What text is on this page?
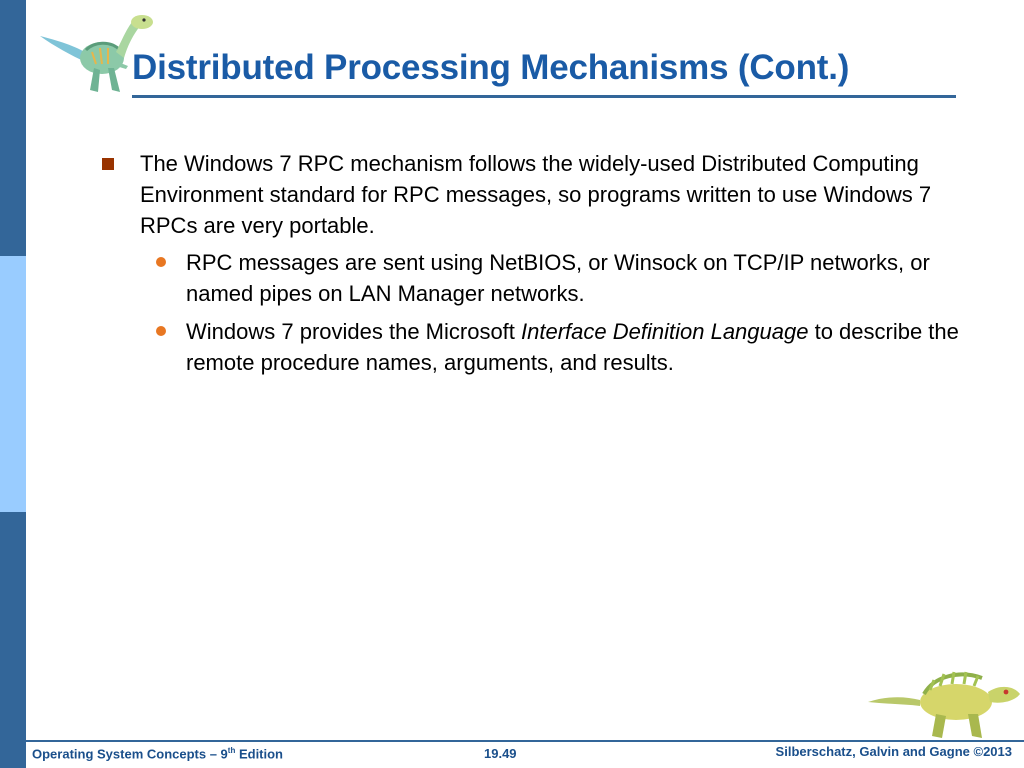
Distributed Processing Mechanisms (Cont.)
The Windows 7 RPC mechanism follows the widely-used Distributed Computing Environment standard for RPC messages, so programs written to use Windows 7 RPCs are very portable.
RPC messages are sent using NetBIOS, or Winsock on TCP/IP networks, or named pipes on LAN Manager networks.
Windows 7 provides the Microsoft Interface Definition Language to describe the remote procedure names, arguments, and results.
Operating System Concepts – 9th Edition	19.49	Silberschatz, Galvin and Gagne ©2013
